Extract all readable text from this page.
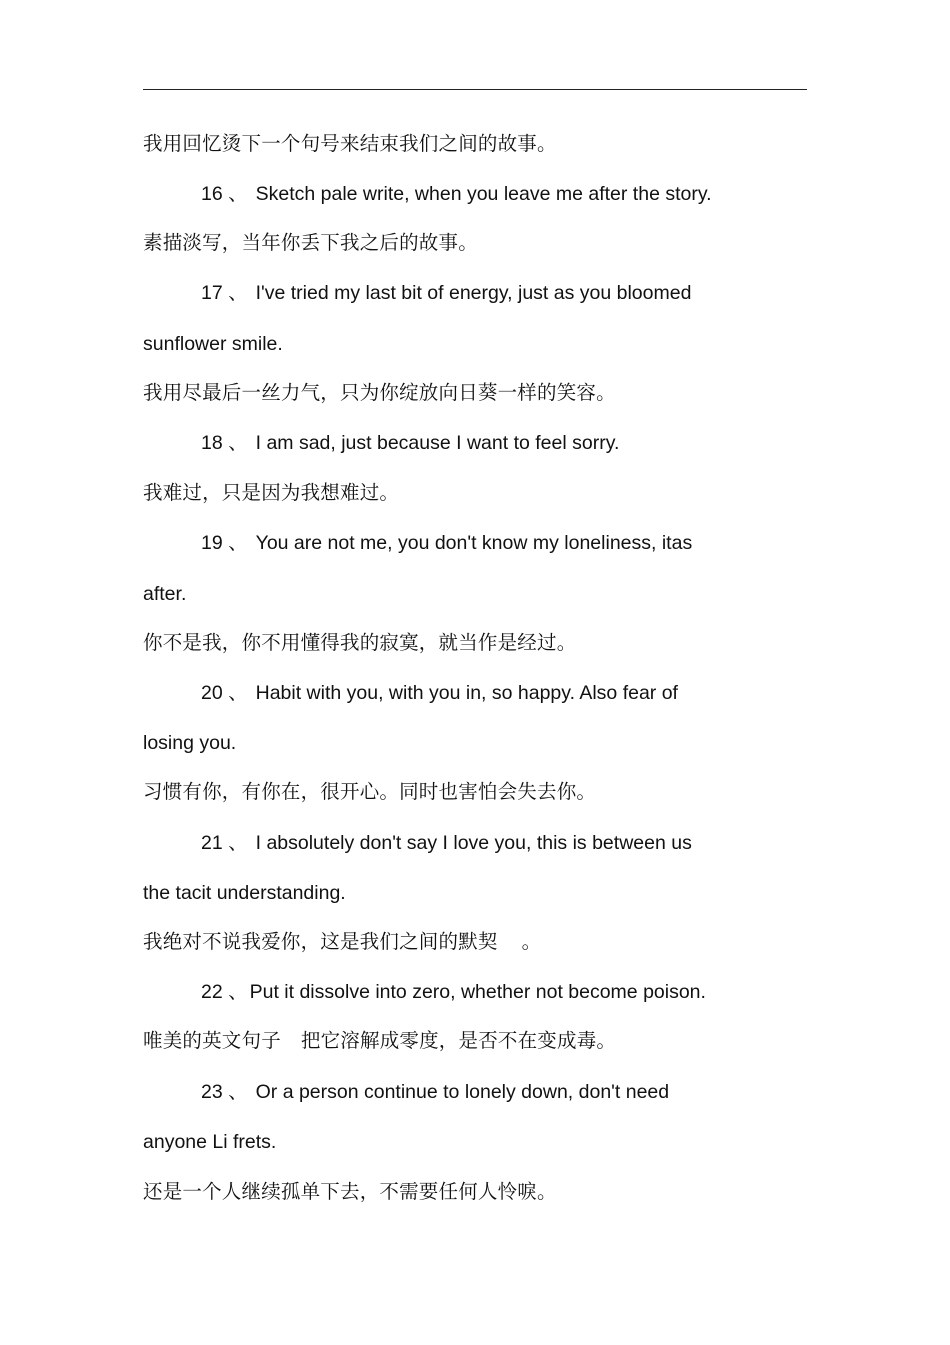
我用回忆烫下一个句号来结束我们之间的故事。
16 、 Sketch pale write, when you leave me after the story.
素描淡写，当年你丢下我之后的故事。
17 、 I've tried my last bit of energy, just as you bloomed
sunflower smile.
我用尽最后一丝力气，只为你绽放向日葵一样的笑容。
18 、 I am sad, just because I want to feel sorry.
我难过，只是因为我想难过。
19 、 You are not me, you don't know my loneliness, itas
after.
你不是我，你不用懂得我的寂寞，就当作是经过。
20 、 Habit with you, with you in, so happy. Also fear of
losing you.
习惯有你，有你在，很开心。同时也害怕会失去你。
21 、 I absolutely don't say I love you, this is between us
the tacit understanding.
我绝对不说我爱你，这是我们之间的默契 。
22 、 Put it dissolve into zero, whether not become poison.
唯美的英文句子 把它溶解成零度，是否不在变成毒。
23 、 Or a person continue to lonely down, don't need
anyone Li frets.
还是一个人继续孤单下去，不需要任何人怜唳。
